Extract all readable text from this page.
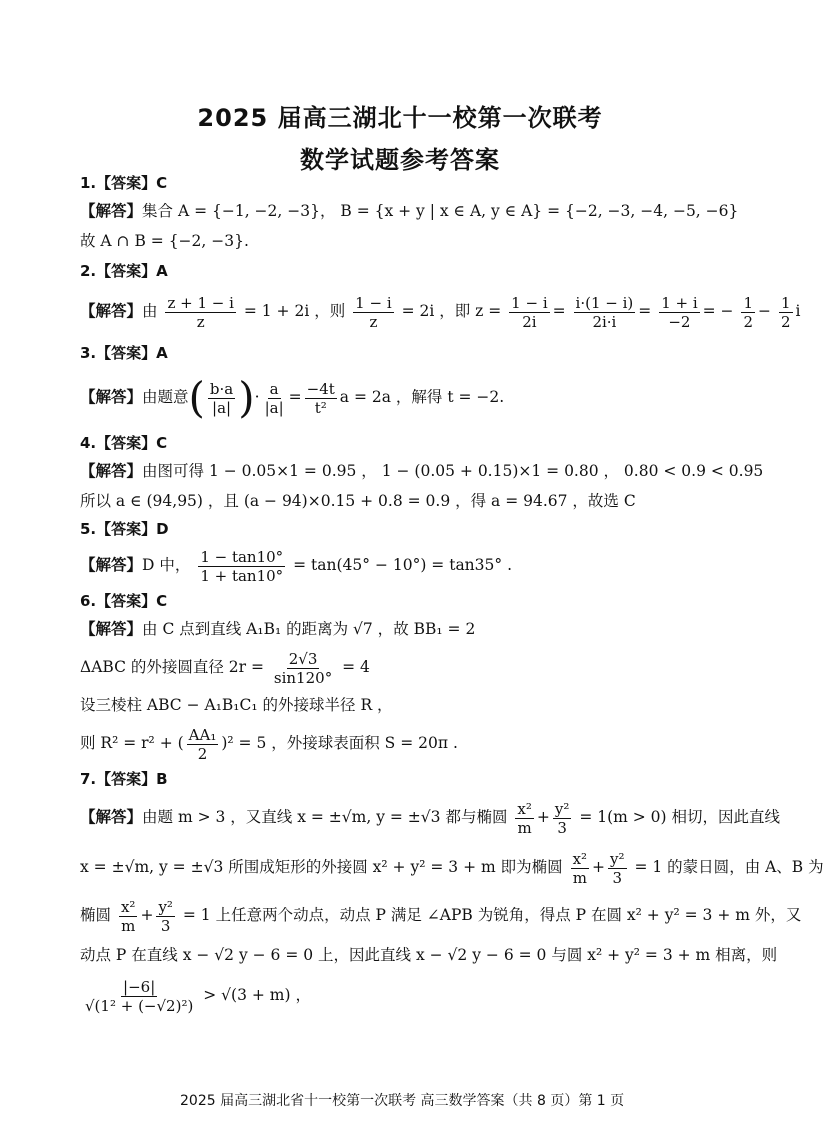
2025 届高三湖北十一校第一次联考
数学试题参考答案
1.【答案】C
【解答】集合 A = {−1, −2, −3}， B = {x + y | x ∈ A, y ∈ A} = {−2, −3, −4, −5, −6}
故 A ∩ B = {−2, −3}.
2.【答案】A
【解答】由 $\frac{z + 1 - i}{z} = 1 + 2i$ ，则 $\frac{1 - i}{z} = 2i$ ，即 $z = \frac{1 - i}{2i} = \frac{i\cdot(1 - i)}{2i\cdot i} = \frac{1 + i}{-2}$ = − $\frac{1}{2} - \frac{1}{2}$ i
3.【答案】A
【解答】由题意( $\frac{b\cdot a}{|a|}$ )· $\frac{a}{|a|} = \frac{-4t}{\text{t²}}$ a = 2a ，解得 t = −2.
4.【答案】C
【解答】由图可得 1 − 0.05×1 = 0.95 ， 1 − (0.05 + 0.15)×1 = 0.80 ， 0.80 < 0.9 < 0.95
所以 a ∈ (94,95) ，且 (a − 94)×0.15 + 0.8 = 0.9 ，得 a = 94.67 ，故选 C
5.【答案】D
【解答】D 中， $\frac{1 - \tan 10^\circ}{1 + \tan 10^\circ} = \tan(45^\circ - 10^\circ) = \tan 35^\circ$ .
6.【答案】C
【解答】由 C 点到直线 A₁B₁ 的距离为 √7 ，故 BB₁ = 2
ΔABC 的外接圆直径 $2r = \frac{2√3}{\sin 120^\circ} = 4$
设三棱柱 ABC − A₁B₁C₁ 的外接球半径 R ，
则 R² = r² + ( $\frac{\text{AA₁}}{2} )^2 = 5$ ，外接球表面积 S = 20π .
7.【答案】B
【解答】由题 m > 3 ，又直线 x = ±√m, y = ±√3 都与椭圆 $\frac{\text{x²}}{m} + \frac{\text{y²}}{3} = 1(m > 0)$ 相切，因此直线
x = ±√m, y = ±√3 所围成矩形的外接圆 x² + y² = 3 + m 即为椭圆 $\frac{\text{x²}}{m} + \frac{\text{y²}}{3} = 1$ 的蒙日圆，由 A、B 为
椭圆 $\frac{\text{x²}}{m} + \frac{\text{y²}}{3} = 1$ 上任意两个动点，动点 P 满足 ∠APB 为锐角，得点 P 在圆 x² + y² = 3 + m 外，又
动点 P 在直线 x − √2 y − 6 = 0 上，因此直线 x − √2 y − 6 = 0 与圆 x² + y² = 3 + m 相离，则
$\frac{|-6|}{\text{√(1² + (−√2)²)}} > √(3 + m)$ ，
2025 届高三湖北省十一校第一次联考 高三数学答案（共 8 页）第 1 页
